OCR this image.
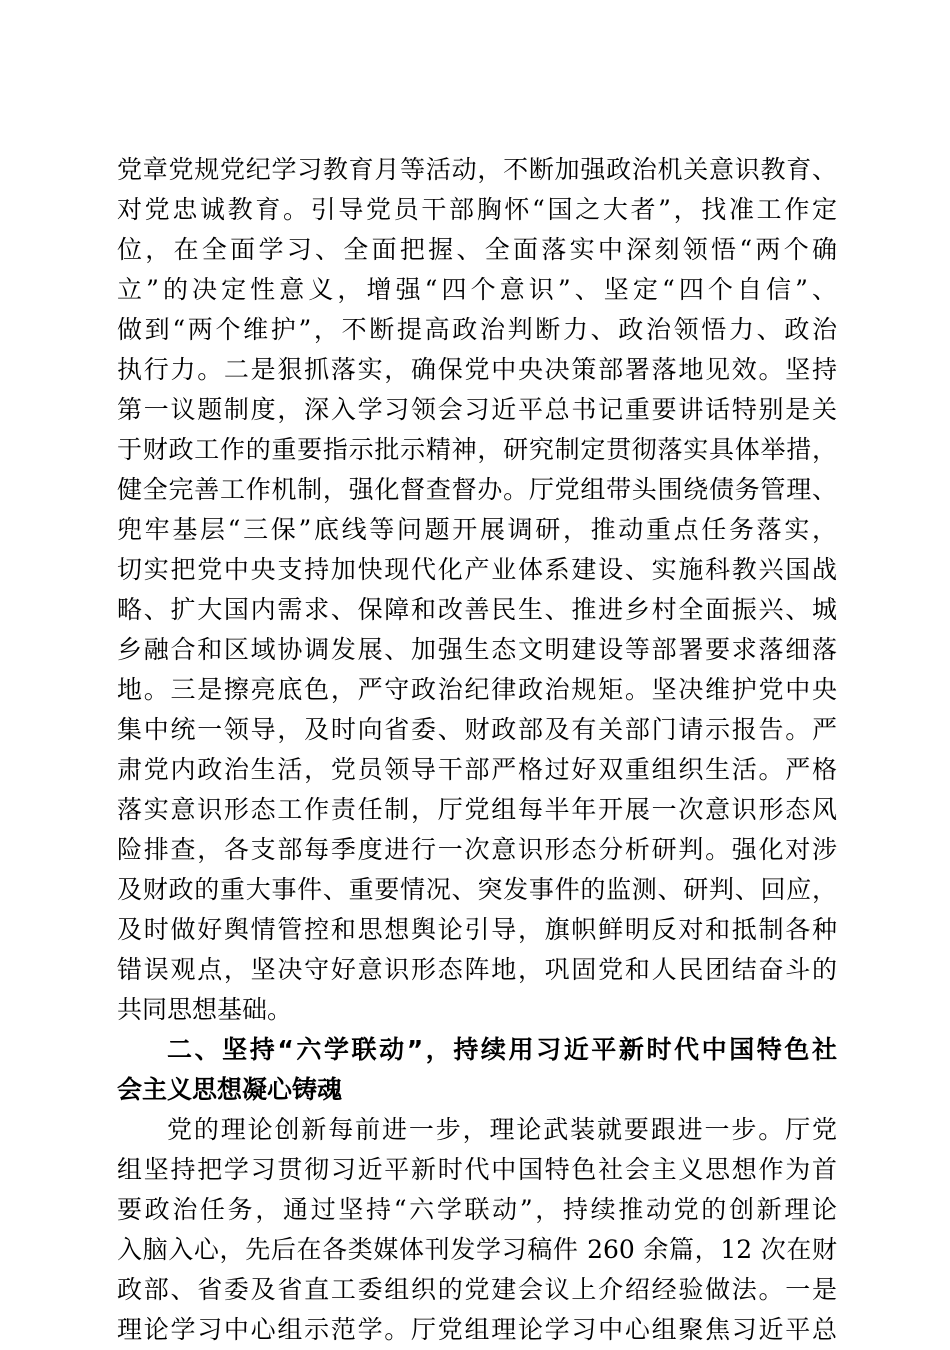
党章党规党纪学习教育月等活动，不断加强政治机关意识教育、
对党忠诚教育。引导党员干部胸怀“国之大者”，找准工作定
位，在全面学习、全面把握、全面落实中深刻领悟“两个确
立”的决定性意义，增强“四个意识”、坚定“四个自信”、
做到“两个维护”，不断提高政治判断力、政治领悟力、政治
执行力。二是狠抓落实，确保党中央决策部署落地见效。坚持
第一议题制度，深入学习领会习近平总书记重要讲话特别是关
于财政工作的重要指示批示精神，研究制定贯彻落实具体举措，
健全完善工作机制，强化督查督办。厅党组带头围绕债务管理、
兜牢基层“三保”底线等问题开展调研，推动重点任务落实，
切实把党中央支持加快现代化产业体系建设、实施科教兴国战
略、扩大国内需求、保障和改善民生、推进乡村全面振兴、城
乡融合和区域协调发展、加强生态文明建设等部署要求落细落
地。三是擦亮底色，严守政治纪律政治规矩。坚决维护党中央
集中统一领导，及时向省委、财政部及有关部门请示报告。严
肃党内政治生活，党员领导干部严格过好双重组织生活。严格
落实意识形态工作责任制，厅党组每半年开展一次意识形态风
险排查，各支部每季度进行一次意识形态分析研判。强化对涉
及财政的重大事件、重要情况、突发事件的监测、研判、回应，
及时做好舆情管控和思想舆论引导，旗帜鲜明反对和抵制各种
错误观点，坚决守好意识形态阵地，巩固党和人民团结奋斗的
共同思想基础。
二、坚持“六学联动”，持续用习近平新时代中国特色社
会主义思想凝心铸魂
党的理论创新每前进一步，理论武装就要跟进一步。厅党
组坚持把学习贯彻习近平新时代中国特色社会主义思想作为首
要政治任务，通过坚持“六学联动”，持续推动党的创新理论
入脑入心，先后在各类媒体刊发学习稿件 260 余篇，12 次在财
政部、省委及省直工委组织的党建会议上介绍经验做法。一是
理论学习中心组示范学。厅党组理论学习中心组聚焦习近平总
